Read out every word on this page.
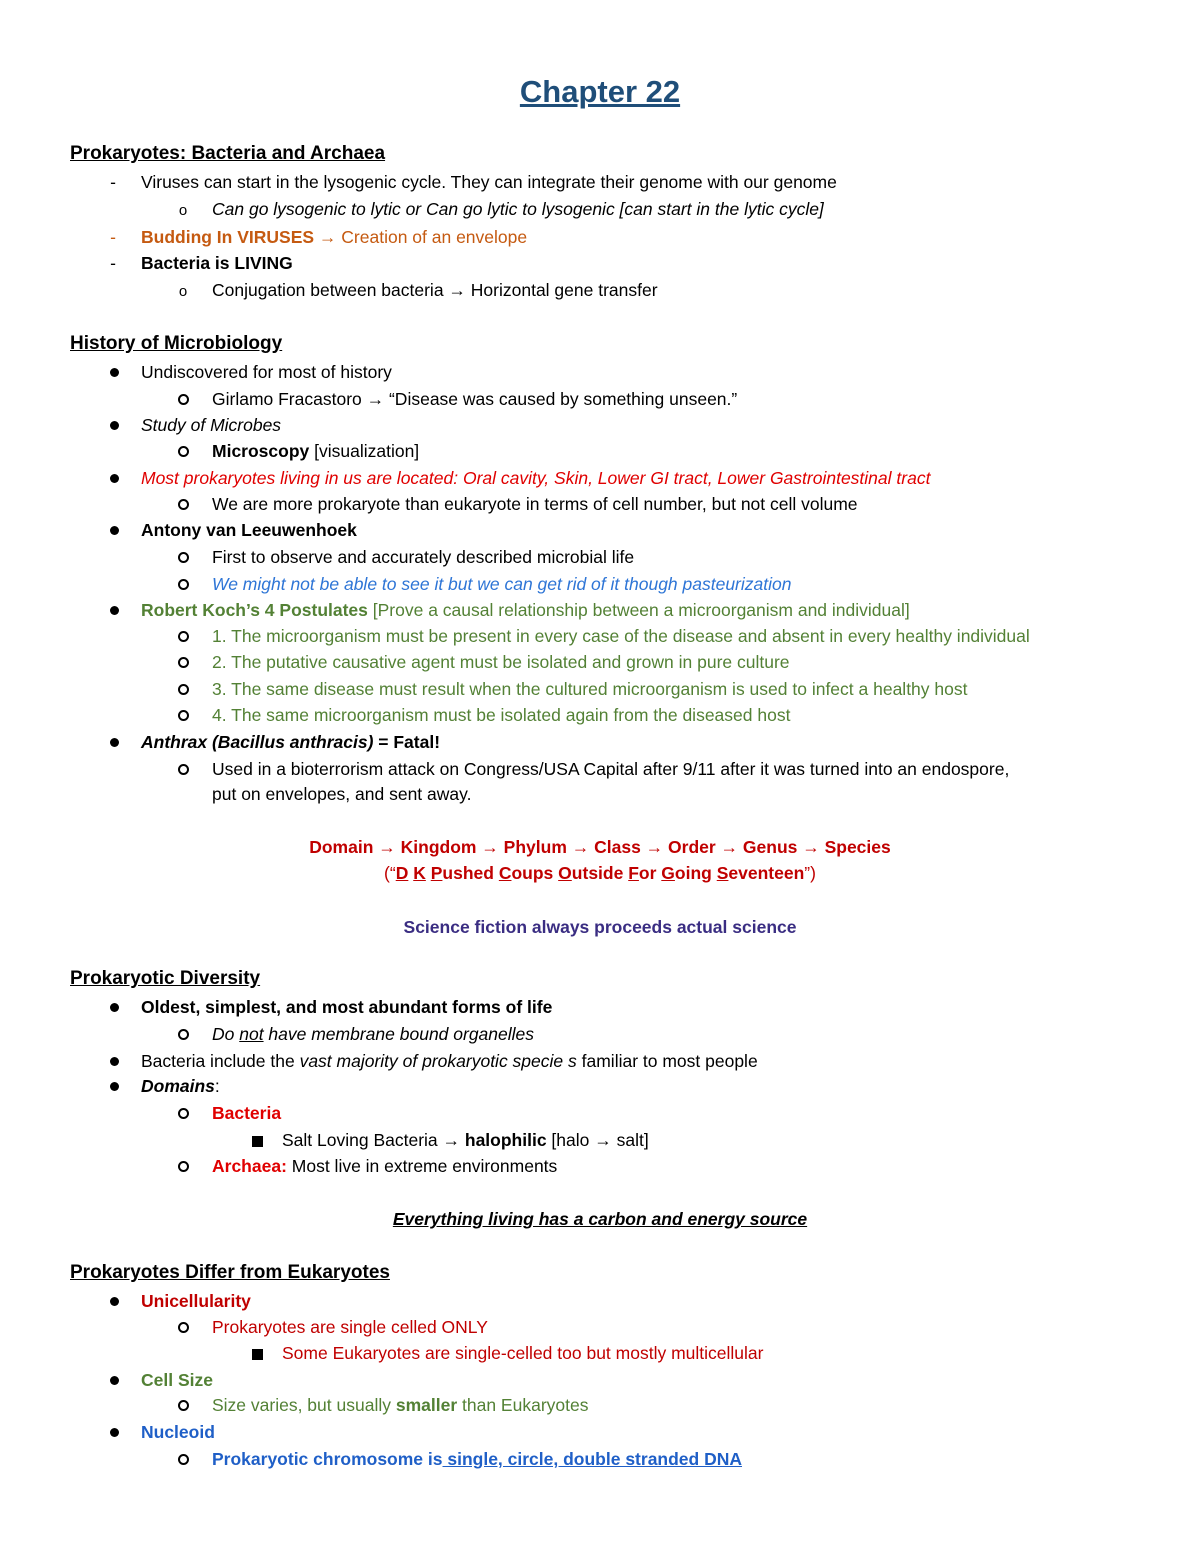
Chapter 22
Prokaryotes: Bacteria and Archaea
-
Viruses can start in the lysogenic cycle. They can integrate their genome with our genome
o
Can go lysogenic to lytic or Can go lytic to lysogenic [can start in the lytic cycle]
-
Budding In VIRUSES → Creation of an envelope
-
Bacteria is LIVING
o
Conjugation between bacteria → Horizontal gene transfer
History of Microbiology
Undiscovered for most of history
Girlamo Fracastoro → “Disease was caused by something unseen.”
Study of Microbes
Microscopy [visualization]
Most prokaryotes living in us are located: Oral cavity, Skin, Lower GI tract, Lower Gastrointestinal tract
We are more prokaryote than eukaryote in terms of cell number, but not cell volume
Antony van Leeuwenhoek
First to observe and accurately described microbial life
We might not be able to see it but we can get rid of it though pasteurization
Robert Koch’s 4 Postulates [Prove a causal relationship between a microorganism and individual]
1. The microorganism must be present in every case of the disease and absent in every healthy individual
2. The putative causative agent must be isolated and grown in pure culture
3. The same disease must result when the cultured microorganism is used to infect a healthy host
4. The same microorganism must be isolated again from the diseased host
Anthrax (Bacillus anthracis) = Fatal!
Used in a bioterrorism attack on Congress/USA Capital after 9/11 after it was turned into an endospore,
put on envelopes, and sent away.
Domain → Kingdom → Phylum → Class → Order → Genus → Species
(“D K Pushed Coups Outside For Going Seventeen”)
Science fiction always proceeds actual science
Prokaryotic Diversity
Oldest, simplest, and most abundant forms of life
Do not have membrane bound organelles
Bacteria include the vast majority of prokaryotic specie s familiar to most people
Domains:
Bacteria
Salt Loving Bacteria → halophilic [halo → salt]
Archaea: Most live in extreme environments
Everything living has a carbon and energy source
Prokaryotes Differ from Eukaryotes
Unicellularity
Prokaryotes are single celled ONLY
Some Eukaryotes are single-celled too but mostly multicellular
Cell Size
Size varies, but usually smaller than Eukaryotes
Nucleoid
Prokaryotic chromosome is single, circle, double stranded DNA
